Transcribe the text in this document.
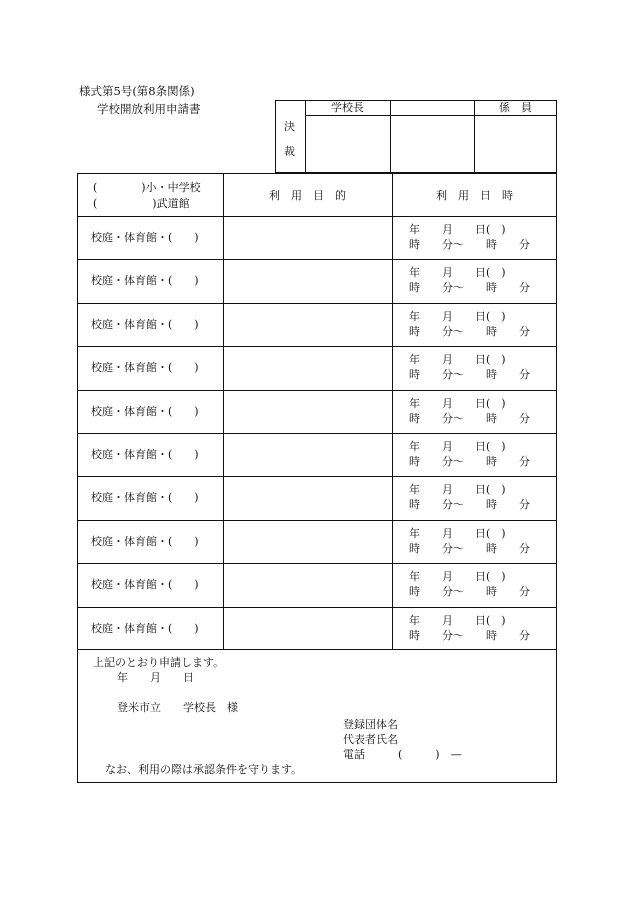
様式第5号(第8条関係)
学校開放利用申請書
決
裁
学校長	係　員
(　　　　)小・中学校
(　　　　　)武道館
利　用　目　的	利　用　日　時
校庭・体育館・(　　)
年　　月　　日(　)
時　　分～　　時　　分
校庭・体育館・(　　)
年　　月　　日(　)
時　　分～　　時　　分
校庭・体育館・(　　)
年　　月　　日(　)
時　　分～　　時　　分
校庭・体育館・(　　)
年　　月　　日(　)
時　　分～　　時　　分
校庭・体育館・(　　)
年　　月　　日(　)
時　　分～　　時　　分
校庭・体育館・(　　)
年　　月　　日(　)
時　　分～　　時　　分
校庭・体育館・(　　)
年　　月　　日(　)
時　　分～　　時　　分
校庭・体育館・(　　)
年　　月　　日(　)
時　　分～　　時　　分
校庭・体育館・(　　)
年　　月　　日(　)
時　　分～　　時　　分
校庭・体育館・(　　)
年　　月　　日(　)
時　　分～　　時　　分
上記のとおり申請します。
年　　月　　日
登米市立　　学校長　様
登録団体名
代表者氏名
電話　　　(　　　)　—
なお、利用の際は承認条件を守ります。
